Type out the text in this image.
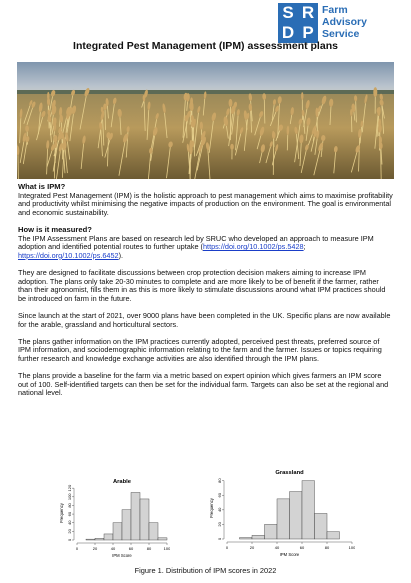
S R
D P
Farm
Advisory
Service
Integrated Pest Management (IPM) assessment plans
What is IPM?

Integrated Pest Management (IPM) is the holistic approach to pest management which aims to maximise profitability and productivity whilst minimising the negative impacts of production on the environment. The goal is environmental and economic sustainability.

How is it measured?

The IPM Assessment Plans are based on research led by SRUC who developed an approach to measure IPM adoption and identified potential routes to further uptake (https://doi.org/10.1002/ps.5428; https://doi.org/10.1002/ps.6452).

They are designed to facilitate discussions between crop protection decision makers aiming to increase IPM adoption. The plans only take 20-30 minutes to complete and are more likely to be of benefit if the farmer, rather than their agronomist, fills them in as this is more likely to stimulate discussions around what IPM practices should be introduced on farm in the future.

Since launch at the start of 2021, over 9000 plans have been completed in the UK. Specific plans are now available for the arable, grassland and horticultural sectors.

The plans gather information on the IPM practices currently adopted, perceived pest threats, preferred source of IPM information, and sociodemographic information relating to the farm and the farmer. Issues or topics requiring further research and knowledge exchange activities are also identified through the IPM plans.

The plans provide a baseline for the farm via a metric based on expert opinion which gives farmers an IPM score out of 100. Self-identified targets can then be set for the individual farm. Targets can also be set at the regional and national level.

Arable
0
20
40
60
80
100
120
0	20	40	60	80	100
IPM Score
Frequency
Grassland
0
20
40
60
80
0	20	40	60	80	100
IPM Score
Frequency
Figure 1. Distribution of IPM scores in 2022
